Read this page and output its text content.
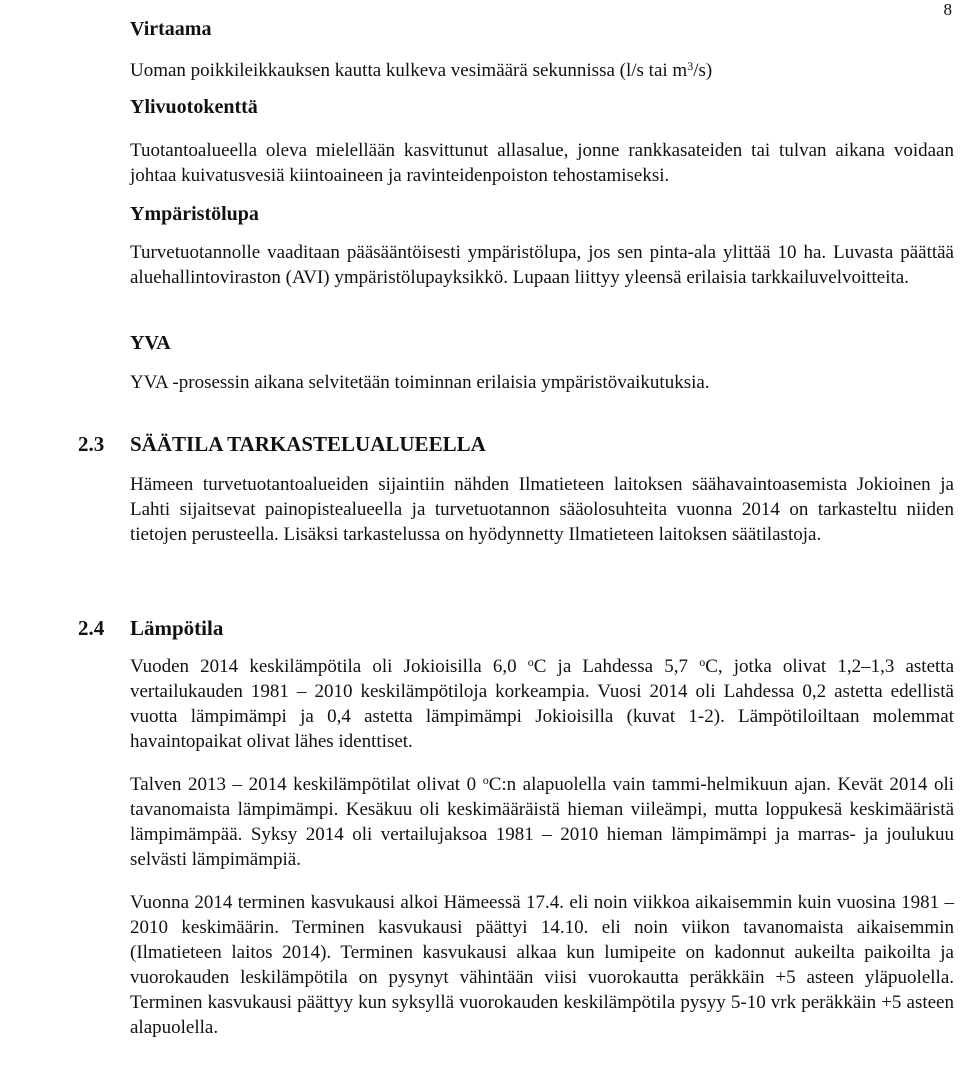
8
Virtaama
Uoman poikkileikkauksen kautta kulkeva vesimäärä sekunnissa (l/s tai $m^3/s$)
Ylivuotokenttä
Tuotantoalueella oleva mielellään kasvittunut allasalue, jonne rankkasateiden tai tulvan aikana voidaan johtaa kuivatusvesiä kiintoaineen ja ravinteidenpoiston tehostamiseksi.
Ympäristölupa
Turvetuotannolle vaaditaan pääsääntöisesti ympäristölupa, jos sen pinta-ala ylittää 10 ha. Luvasta päättää aluehallintoviraston (AVI) ympäristölupayksikkö. Lupaan liittyy yleensä erilaisia tarkkailuvelvoitteita.
YVA
YVA -prosessin aikana selvitetään toiminnan erilaisia ympäristövaikutuksia.
2.3 SÄÄTILA TARKASTELUALUEELLA
Hämeen turvetuotantoalueiden sijaintiin nähden Ilmatieteen laitoksen säähavaintoasemista Jokioinen ja Lahti sijaitsevat painopistealueella ja turvetuotannon sääolosuhteita vuonna 2014 on tarkasteltu niiden tietojen perusteella. Lisäksi tarkastelussa on hyödynnetty Ilmatieteen laitoksen säätilastoja.
2.4 Lämpötila
Vuoden 2014 keskilämpötila oli Jokioisilla 6,0 $^o$C ja Lahdessa 5,7 $^o$C, jotka olivat 1,2–1,3 astetta vertailukauden 1981 – 2010 keskilämpötiloja korkeampia. Vuosi 2014 oli Lahdessa 0,2 astetta edellistä vuotta lämpimämpi ja 0,4 astetta lämpimämpi Jokioisilla (kuvat 1-2). Lämpötiloiltaan molemmat havaintopaikat olivat lähes identtiset.
Talven 2013 – 2014 keskilämpötilat olivat 0 $^o$C:n alapuolella vain tammi-helmikuun ajan. Kevät 2014 oli tavanomaista lämpimämpi. Kesäkuu oli keskimääräistä hieman viileämpi, mutta loppukesä keskimääristä lämpimämpää. Syksy 2014 oli vertailujaksoa 1981 – 2010 hieman lämpimämpi ja marras- ja joulukuu selvästi lämpimämpiä.
Vuonna 2014 terminen kasvukausi alkoi Hämeessä 17.4. eli noin viikkoa aikaisemmin kuin vuosina 1981 – 2010 keskimäärin. Terminen kasvukausi päättyi 14.10. eli noin viikon tavanomaista aikaisemmin (Ilmatieteen laitos 2014). Terminen kasvukausi alkaa kun lumipeite on kadonnut aukeilta paikoilta ja vuorokauden leskilämpötila on pysynyt vähintään viisi vuorokautta peräkkäin +5 asteen yläpuolella. Terminen kasvukausi päättyy kun syksyllä vuorokauden keskilämpötila pysyy 5-10 vrk peräkkäin +5 asteen alapuolella.
